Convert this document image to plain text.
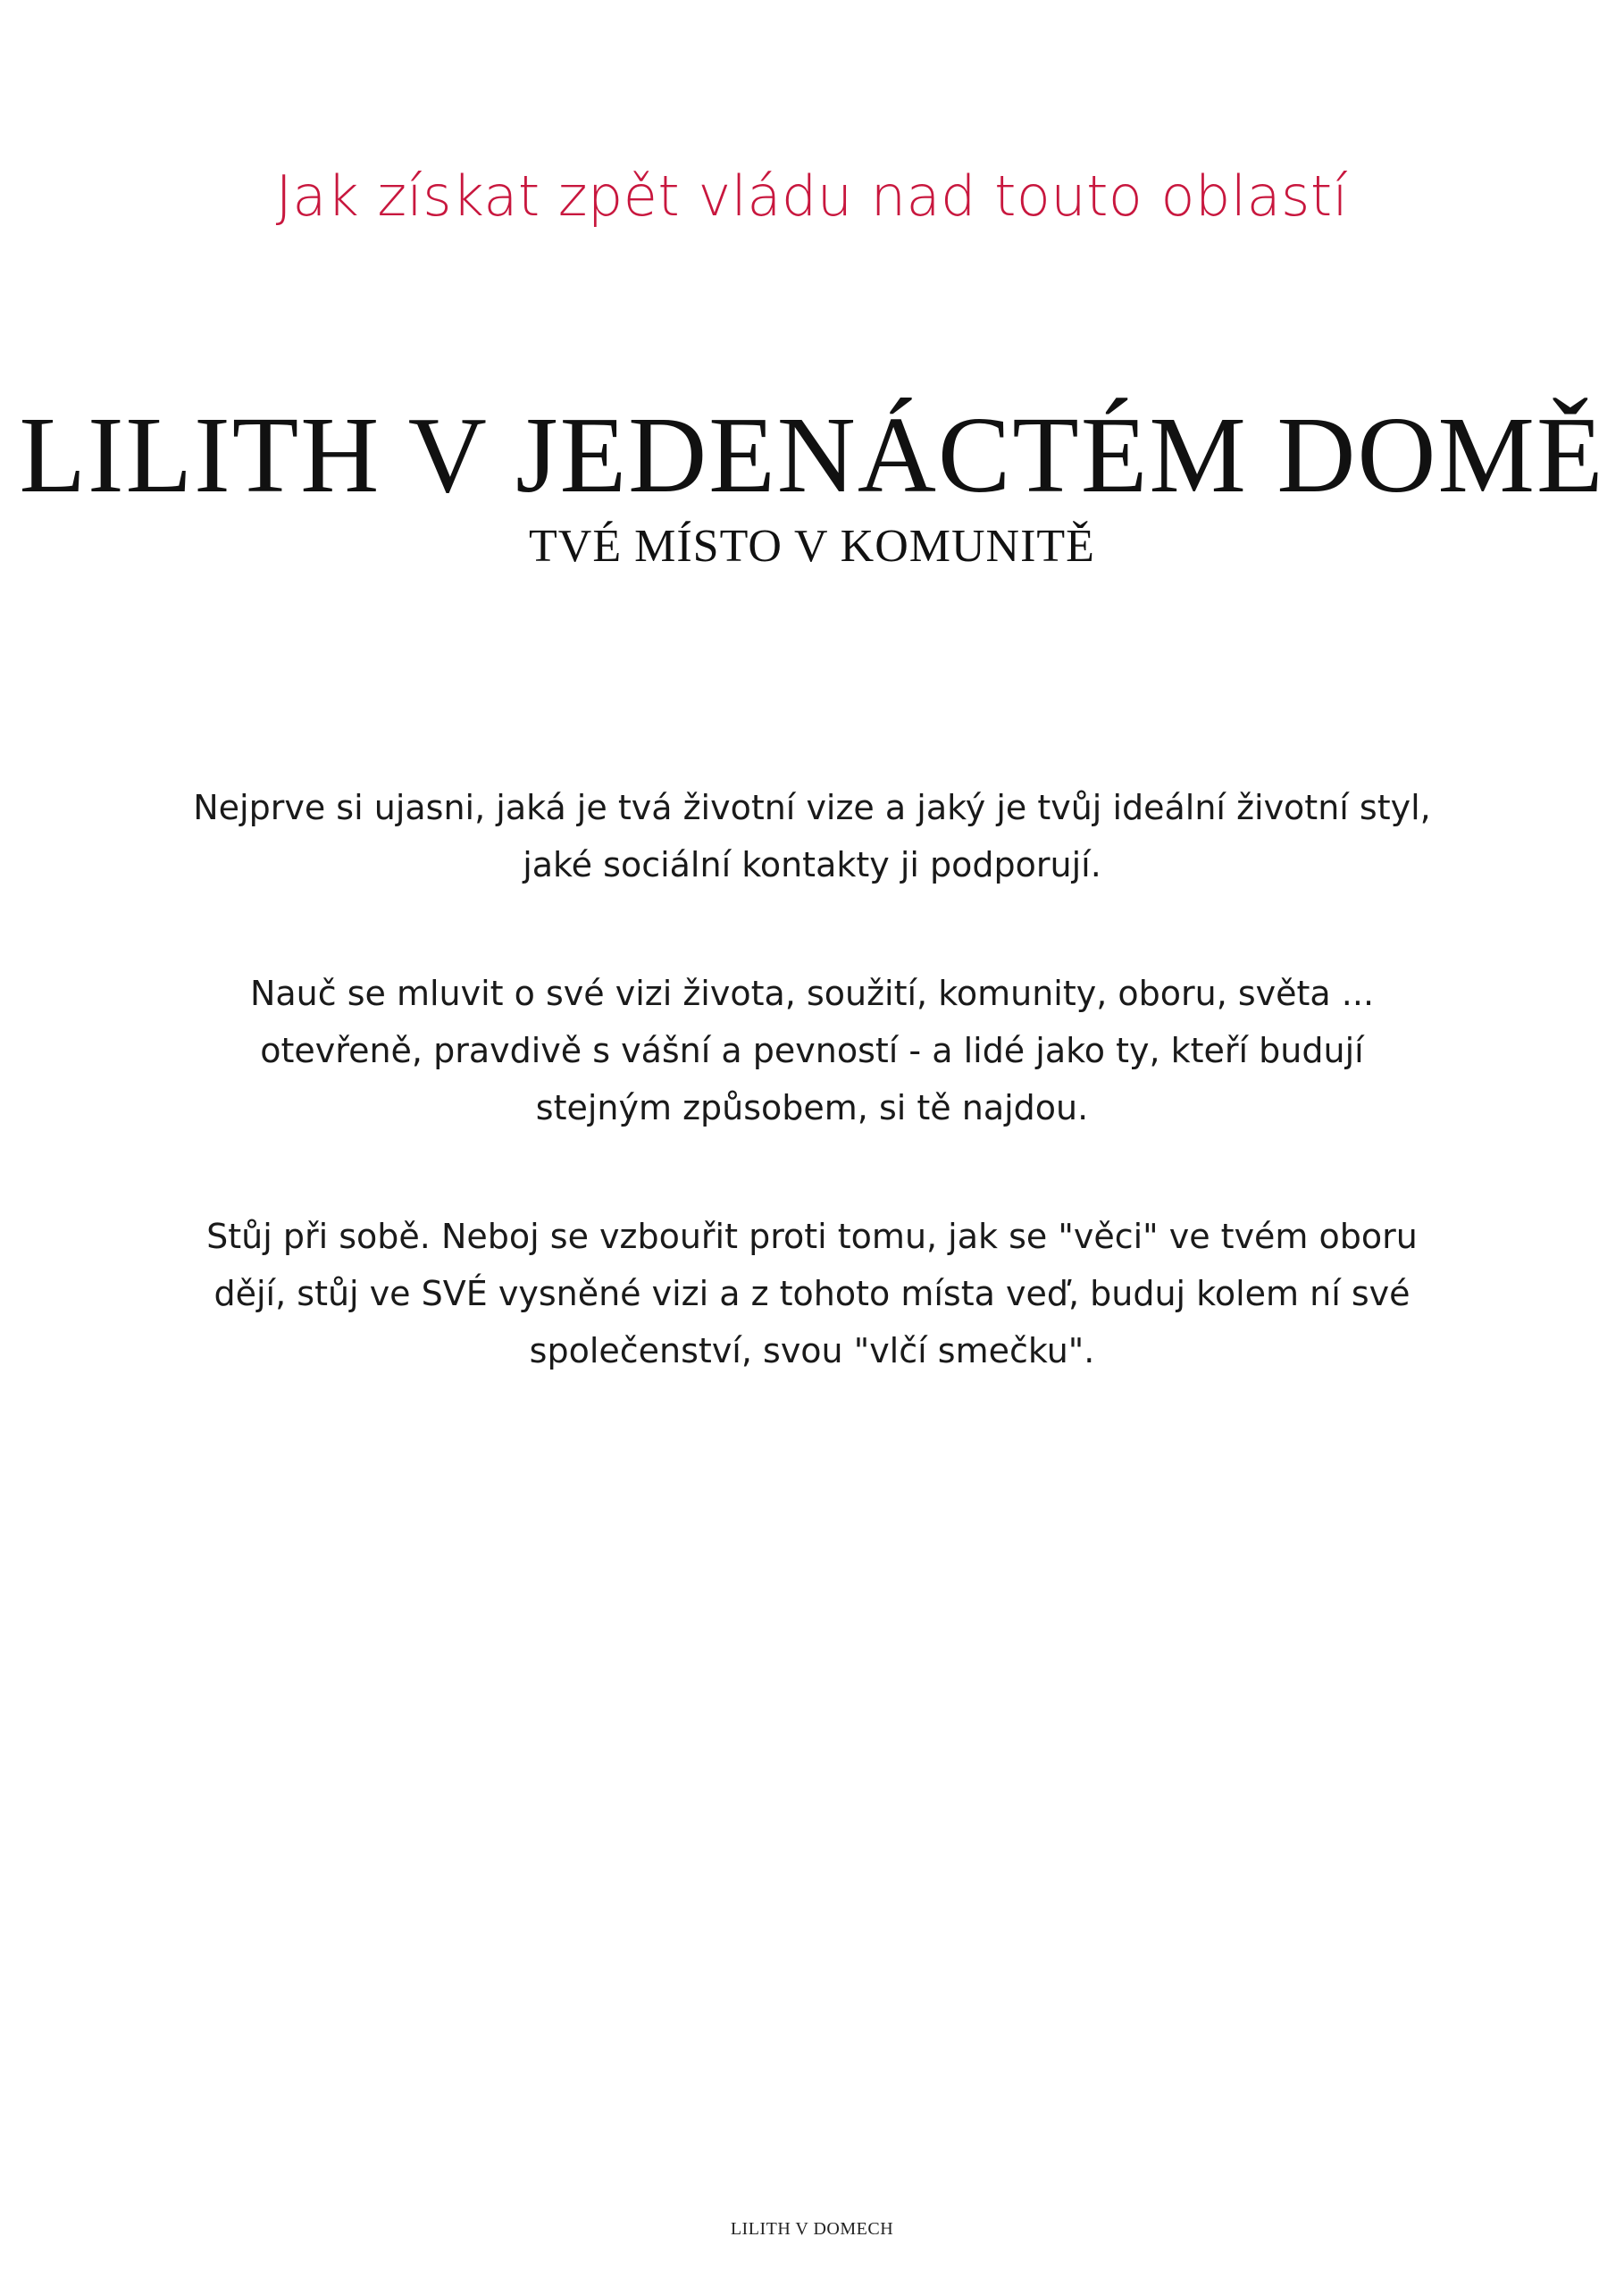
Jak získat zpět vládu nad touto oblastí
LILITH V JEDENÁCTÉM DOMĚ
TVÉ MÍSTO V KOMUNITĚ

Nejprve si ujasni, jaká je tvá životní vize a jaký je tvůj ideální životní styl,
jaké sociální kontakty ji podporují.

Nauč se mluvit o své vizi života, soužití, komunity, oboru, světa ...
otevřeně, pravdivě s vášní a pevností - a lidé jako ty, kteří budují
stejným způsobem, si tě najdou.

Stůj při sobě. Neboj se vzbouřit proti tomu, jak se "věci" ve tvém oboru
dějí, stůj ve SVÉ vysněné vizi a z tohoto místa veď, buduj kolem ní své
společenství, svou "vlčí smečku".

LILITH V DOMECH
